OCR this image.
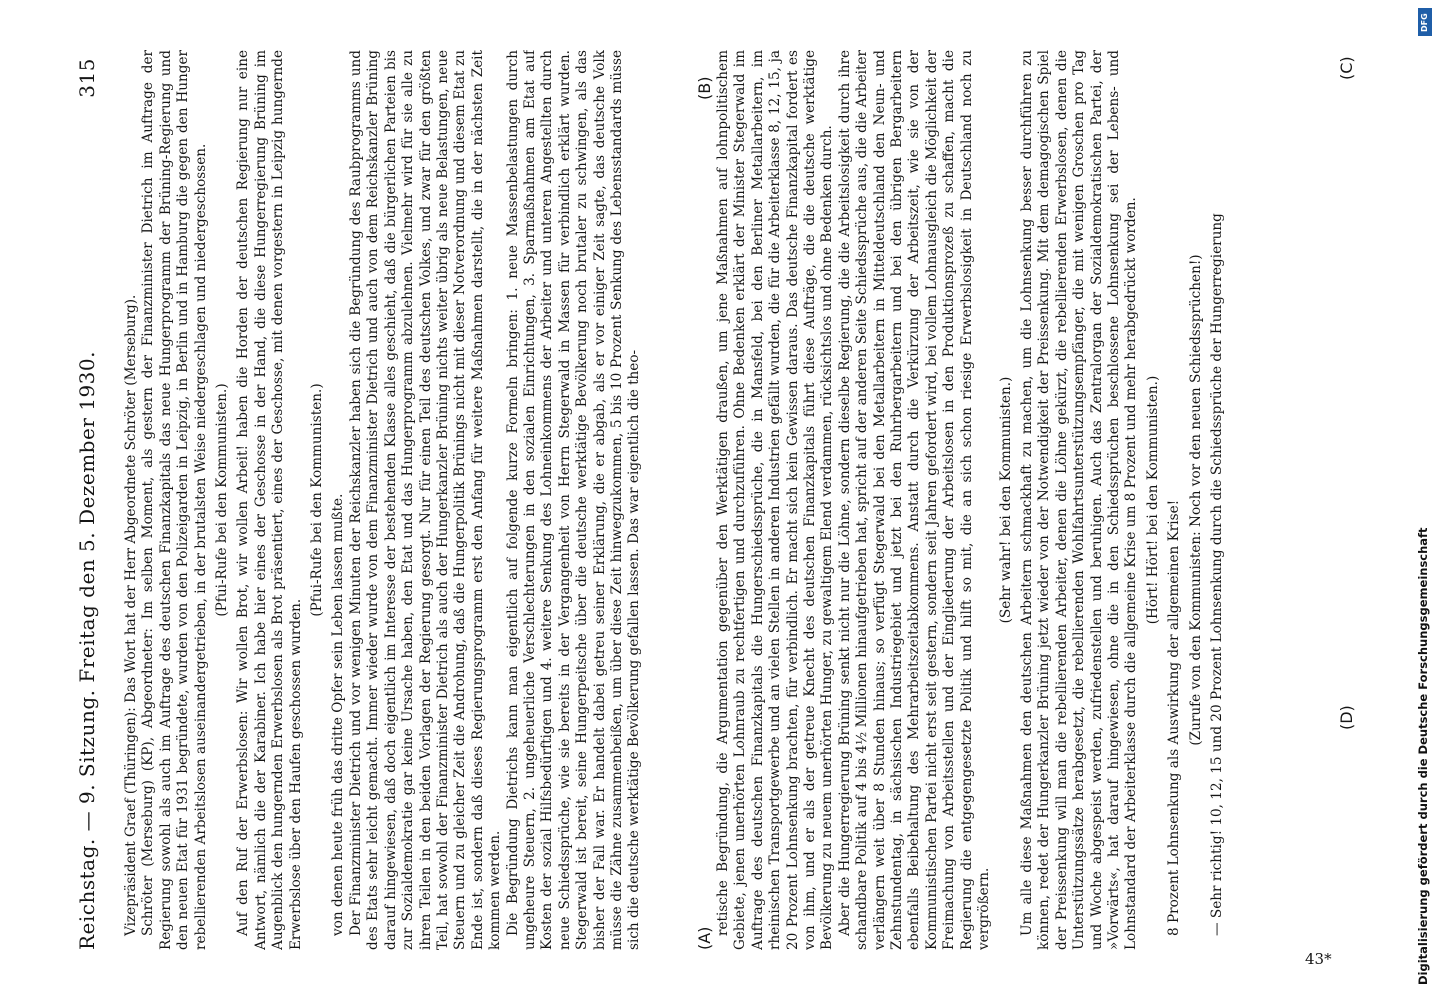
Reichstag. — 9. Sitzung. Freitag den 5. Dezember 1930.
315

Vizepräsident Graef (Thüringen): Das Wort hat der Herr Abgeordnete Schröter (Merseburg). Schröter (Merseburg) (KP), Abgeordneter: Im selben Moment, als gestern der Finanzminister Dietrich im Auftrage der Regierung sowohl als auch im Auftrage des deutschen Finanzkapitals das neue Hungerprogramm der Brüning-Regierung und den neuen Etat für 1931 begründete, wurden von den Polizeigarden in Leipzig, in Berlin und in Hamburg die gegen den Hunger rebellierenden Arbeitslosen auseinandergetrieben, in der brutalsten Weise niedergeschlagen und niedergeschossen. (Pfui-Rufe bei den Kommunisten.) Auf den Ruf der Erwerbslosen: Wir wollen Brot, wir wollen Arbeit! haben die Horden der deutschen Regierung nur eine Antwort, nämlich die der Karabiner. Ich habe hier eines der Geschosse in der Hand, die diese Hungerregierung Brüning im Augenblick den hungernden Erwerbslosen als Brot präsentiert, eines der Geschosse, mit denen vorgestern in Leipzig hungernde Erwerbslose über den Haufen geschossen wurden.

(Pfui-Rufe bei den Kommunisten.) von denen heute früh das dritte Opfer sein Leben lassen mußte. Der Finanzminister Dietrich und vor wenigen Minuten der Reichskanzler haben sich die Begründung des Raubprogramms und des Etats sehr leicht gemacht. Immer wieder wurde von dem Finanzminister Dietrich und auch von dem Reichskanzler Brüning darauf hingewiesen, daß doch eigentlich im Interesse der bestehenden Klasse alles geschieht, daß die bürgerlichen Parteien bis zur Sozialdemokratie gar keine Ursache haben, den Etat und das Hungerprogramm abzulehnen. Vielmehr wird für sie alle zu ihren Teilen in den beiden Vorlagen der Regierung gesorgt. Nur für einen Teil des deutschen Volkes, und zwar für den größten Teil, hat sowohl der Finanzminister Dietrich als auch der Hungerkanzler Brüning nichts weiter übrig als neue Belastungen, neue Steuern und zu gleicher Zeit die Androhung, daß die Hungerpolitik Brünings nicht mit dieser Notverordnung und diesem Etat zu Ende ist, sondern daß dieses Regierungsprogramm erst den Anfang für weitere Maßnahmen darstellt, die in der nächsten Zeit kommen werden. Die Begründung Dietrichs kann man eigentlich auf folgende kurze Formeln bringen: 1. neue Massenbelastungen durch ungeheure Steuern, 2. ungeheuerliche Verschlechterungen in den sozialen Einrichtungen, 3. Sparmaßnahmen am Etat auf Kosten der sozial Hilfsbedürftigen und 4. weitere Senkung des Lohneinkommens der Arbeiter und unteren Angestellten durch neue Schiedssprüche, wie sie bereits in der Vergangenheit von Herrn Stegerwald in Massen für verbindlich erklärt wurden. Stegerwald ist bereit, seine Hungerpeitsche über die deutsche werktätige Bevölkerung noch brutaler zu schwingen, als das bisher der Fall war. Er handelt dabei getreu seiner Erklärung, die er abgab, als er vor einiger Zeit sagte, das deutsche Volk müsse die Zähne zusammenbeißen, um über diese Zeit hinwegzukommen, 5 bis 10 Prozent Senkung des Lebensstandards müsse sich die deutsche werktätige Bevölkerung gefallen lassen. Das war eigentlich die theo-	retische Begründung, die Argumentation gegenüber den Werktätigen draußen, um jene Maßnahmen auf lohnpolitischem Gebiete, jenen unerhörten Lohnraub zu rechtfertigen und durchzuführen. Ohne Bedenken erklärt der Minister Stegerwald im Auftrage des deutschen Finanzkapitals die Hungerschiedssprüche, die in Mansfeld, bei den Berliner Metallarbeitern, im rheinischen Transportgewerbe und an vielen Stellen in anderen Industrien gefällt wurden, die für die Arbeiterklasse 8, 12, 15, ja 20 Prozent Lohnsenkung brachten, für verbindlich. Er macht sich kein Gewissen daraus. Das deutsche Finanzkapital fordert es von ihm, und er als der getreue Knecht des deutschen Finanzkapitals führt diese Aufträge, die die deutsche werktätige Bevölkerung zu neuem unerhörten Hunger, zu gewaltigem Elend verdammen, rücksichtslos und ohne Bedenken durch. Aber die Hungerregierung Brüning senkt nicht nur die Löhne, sondern dieselbe Regierung, die die Arbeitslosigkeit durch ihre schandbare Politik auf 4 bis 4½ Millionen hinaufgetrieben hat, spricht auf der anderen Seite Schiedssprüche aus, die die Arbeiter verlängern weit über 8 Stunden hinaus; so verfügt Stegerwald bei den Metallarbeitern in Mitteldeutschland den Neun- und Zehnstundentag, in sächsischen Industriegebiet und jetzt bei den Ruhrbergarbeitern und bei den übrigen Bergarbeitern ebenfalls Beibehaltung des Mehrarbeitszeitabkommens. Anstatt durch die Verkürzung der Arbeitszeit, wie sie von der Kommunistischen Partei nicht erst seit gestern, sondern seit Jahren gefordert wird, bei vollem Lohnausgleich die Möglichkeit der Freimachung von Arbeitsstellen und der Eingliederung der Arbeitslosen in den Produktionsprozeß zu schaffen, macht die Regierung die entgegengesetzte Politik und hilft so mit, die an sich schon riesige Erwerbslosigkeit in Deutschland noch zu vergrößern.

(Sehr wahr! bei den Kommunisten.) Um alle diese Maßnahmen den deutschen Arbeitern schmackhaft zu machen, um die Lohnsenkung besser durchführen zu können, redet der Hungerkanzler Brüning jetzt wieder von der Notwendigkeit der Preissenkung. Mit dem demagogischen Spiel der Preissenkung will man die rebellierenden Arbeiter, denen die Löhne gekürzt, die rebellierenden Erwerbslosen, denen die Unterstützungssätze herabgesetzt, die rebellierenden Wohlfahrtsunterstützungsempfänger, die mit wenigen Groschen pro Tag und Woche abgespeist werden, zufriedenstellen und beruhigen. Auch das Zentralorgan der Sozialdemokratischen Partei, der »Vorwärts«, hat darauf hingewiesen, ohne die in den Schiedssprüchen beschlossene Lohnsenkung sei der Lebens- und Lohnstandard der Arbeiterklasse durch die allgemeine Krise um 8 Prozent und mehr herabgedrückt worden. (Hört! Hört! bei den Kommunisten.) 8 Prozent Lohnsenkung als Auswirkung der allgemeinen Krise! (Zurufe von den Kommunisten: Noch vor den neuen Schiedssprüchen!) — Sehr richtig! 10, 12, 15 und 20 Prozent Lohnsenkung durch die Schiedssprüche der Hungerregierung

(A)
(B)
(C)
(D)
43*	Digitalisierung gefördert durch die Deutsche Forschungsgemeinschaft
DFG
